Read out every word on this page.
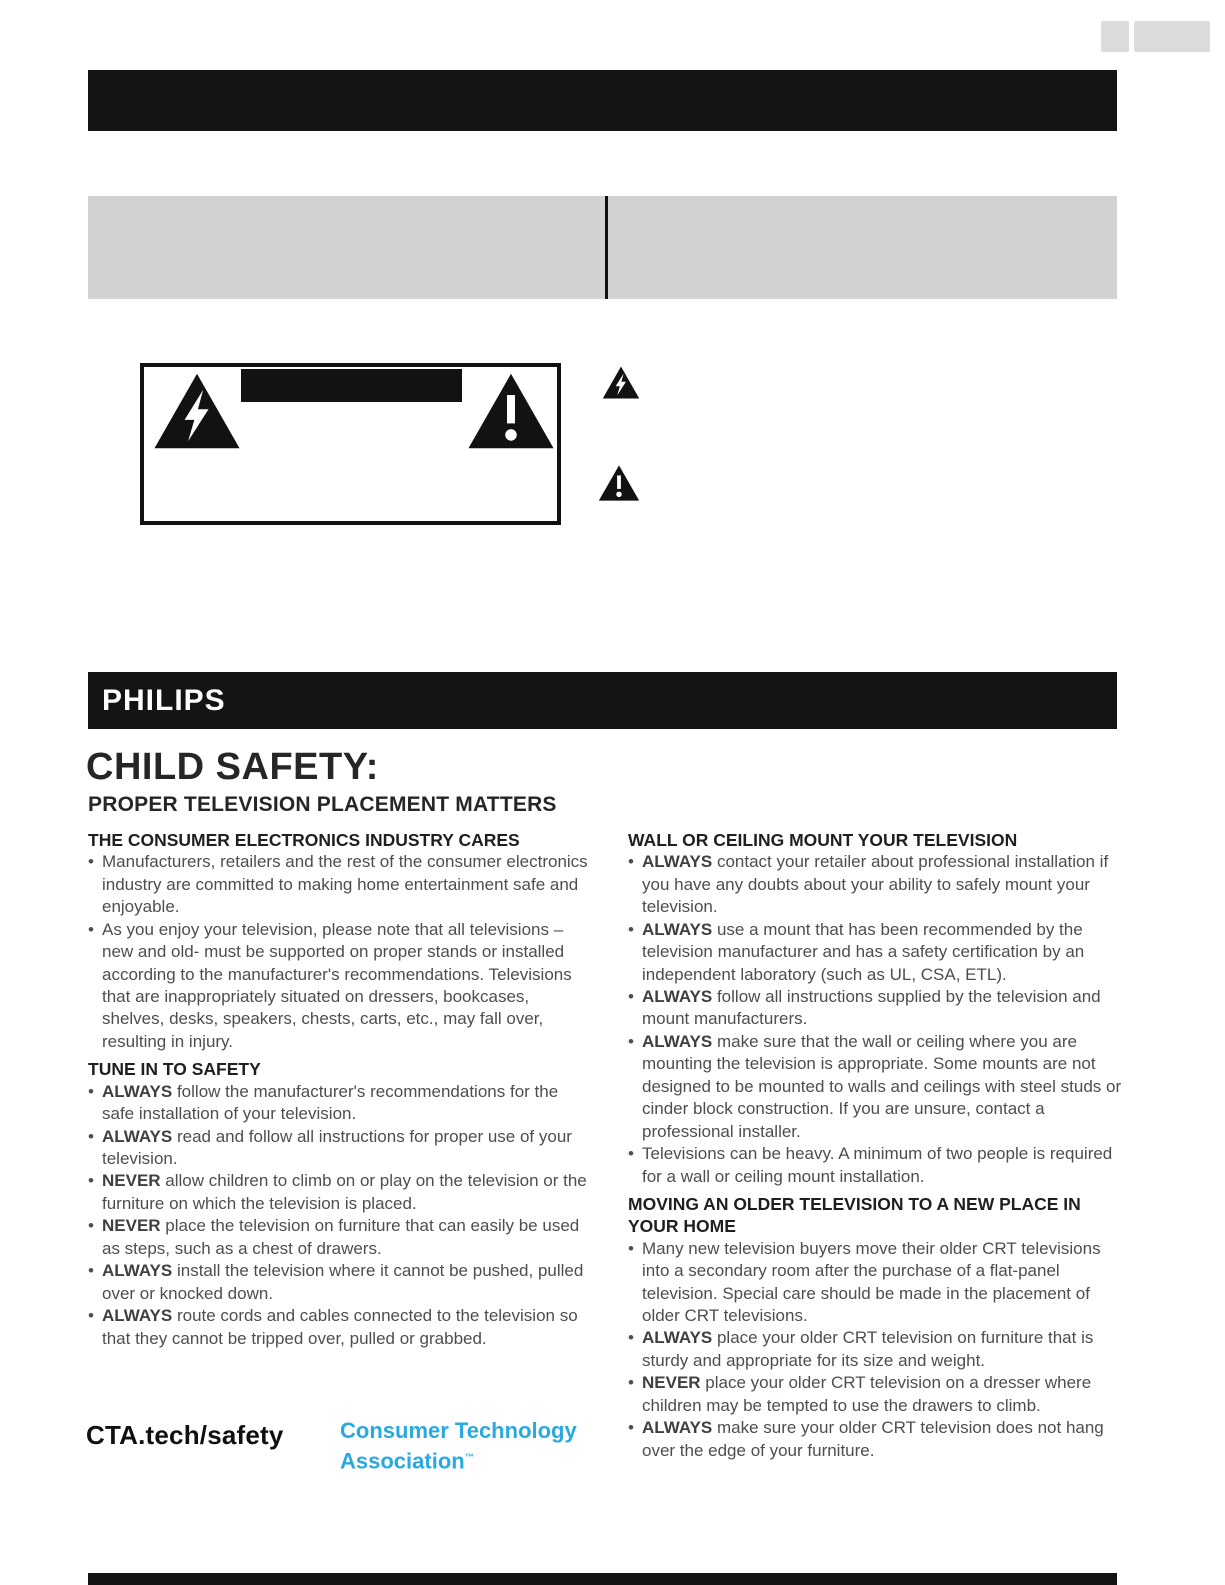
PHILIPS
CHILD SAFETY:
PROPER TELEVISION PLACEMENT MATTERS
THE CONSUMER ELECTRONICS INDUSTRY CARES
• Manufacturers, retailers and the rest of the consumer electronics industry are committed to making home entertainment safe and enjoyable.
• As you enjoy your television, please note that all televisions – new and old- must be supported on proper stands or installed according to the manufacturer's recommendations. Televisions that are inappropriately situated on dressers, bookcases, shelves, desks, speakers, chests, carts, etc., may fall over, resulting in injury.
TUNE IN TO SAFETY
• ALWAYS follow the manufacturer's recommendations for the safe installation of your television.
• ALWAYS read and follow all instructions for proper use of your television.
• NEVER allow children to climb on or play on the television or the furniture on which the television is placed.
• NEVER place the television on furniture that can easily be used as steps, such as a chest of drawers.
• ALWAYS install the television where it cannot be pushed, pulled over or knocked down.
• ALWAYS route cords and cables connected to the television so that they cannot be tripped over, pulled or grabbed.
WALL OR CEILING MOUNT YOUR TELEVISION
• ALWAYS contact your retailer about professional installation if you have any doubts about your ability to safely mount your television.
• ALWAYS use a mount that has been recommended by the television manufacturer and has a safety certification by an independent laboratory (such as UL, CSA, ETL).
• ALWAYS follow all instructions supplied by the television and mount manufacturers.
• ALWAYS make sure that the wall or ceiling where you are mounting the television is appropriate. Some mounts are not designed to be mounted to walls and ceilings with steel studs or cinder block construction. If you are unsure, contact a professional installer.
• Televisions can be heavy. A minimum of two people is required for a wall or ceiling mount installation.
MOVING AN OLDER TELEVISION TO A NEW PLACE IN YOUR HOME
• Many new television buyers move their older CRT televisions into a secondary room after the purchase of a flat-panel television. Special care should be made in the placement of older CRT televisions.
• ALWAYS place your older CRT television on furniture that is sturdy and appropriate for its size and weight.
• NEVER place your older CRT television on a dresser where children may be tempted to use the drawers to climb.
• ALWAYS make sure your older CRT television does not hang over the edge of your furniture.
CTA.tech/safety	Consumer Technology
Association™
